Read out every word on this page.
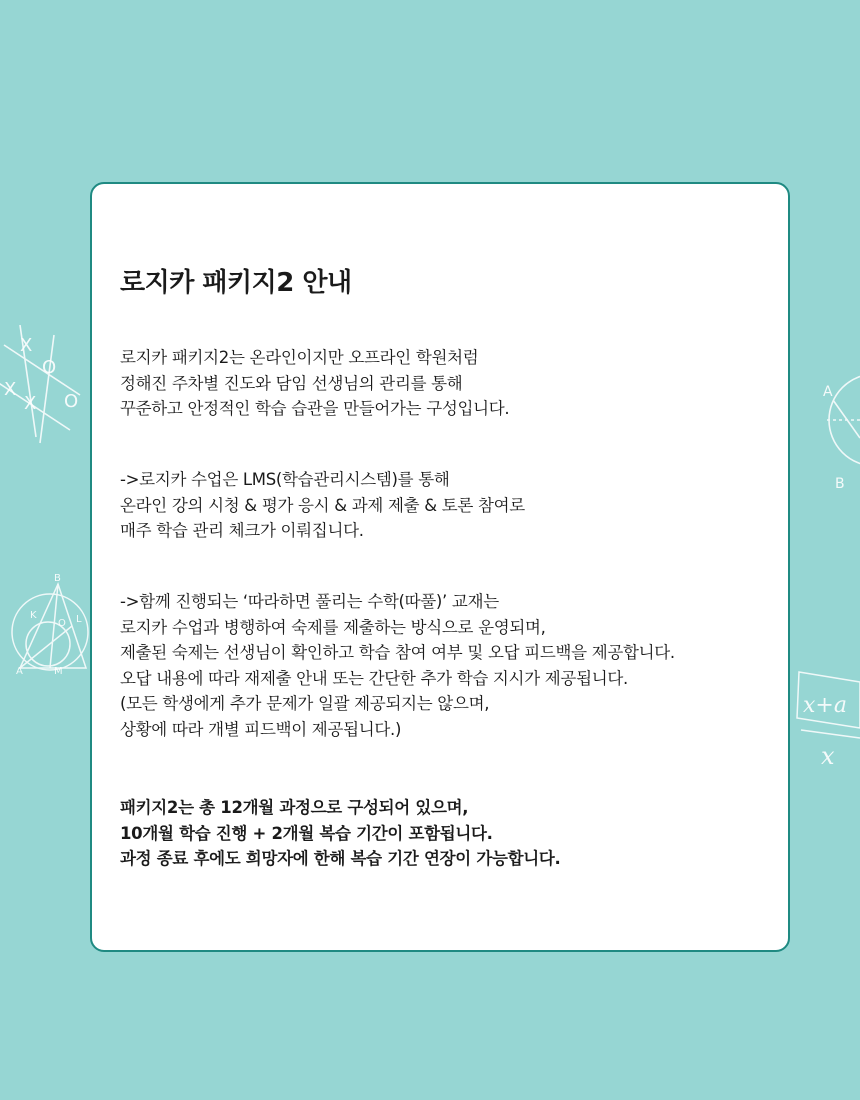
X
O
X
X O	A
B
B
K
O L
A	M
x+a
x
로지카 패키지2 안내

로지카 패키지2는 온라인이지만 오프라인 학원처럼
정해진 주차별 진도와 담임 선생님의 관리를 통해
꾸준하고 안정적인 학습 습관을 만들어가는 구성입니다.

->로지카 수업은 LMS(학습관리시스템)를 통해
온라인 강의 시청 & 평가 응시 & 과제 제출 & 토론 참여로
매주 학습 관리 체크가 이뤄집니다.

->함께 진행되는 ‘따라하면 풀리는 수학(따풀)’ 교재는
로지카 수업과 병행하여 숙제를 제출하는 방식으로 운영되며,
제출된 숙제는 선생님이 확인하고 학습 참여 여부 및 오답 피드백을 제공합니다.
오답 내용에 따라 재제출 안내 또는 간단한 추가 학습 지시가 제공됩니다.
(모든 학생에게 추가 문제가 일괄 제공되지는 않으며,
상황에 따라 개별 피드백이 제공됩니다.)

패키지2는 총 12개월 과정으로 구성되어 있으며,
10개월 학습 진행 + 2개월 복습 기간이 포함됩니다.
과정 종료 후에도 희망자에 한해 복습 기간 연장이 가능합니다.
